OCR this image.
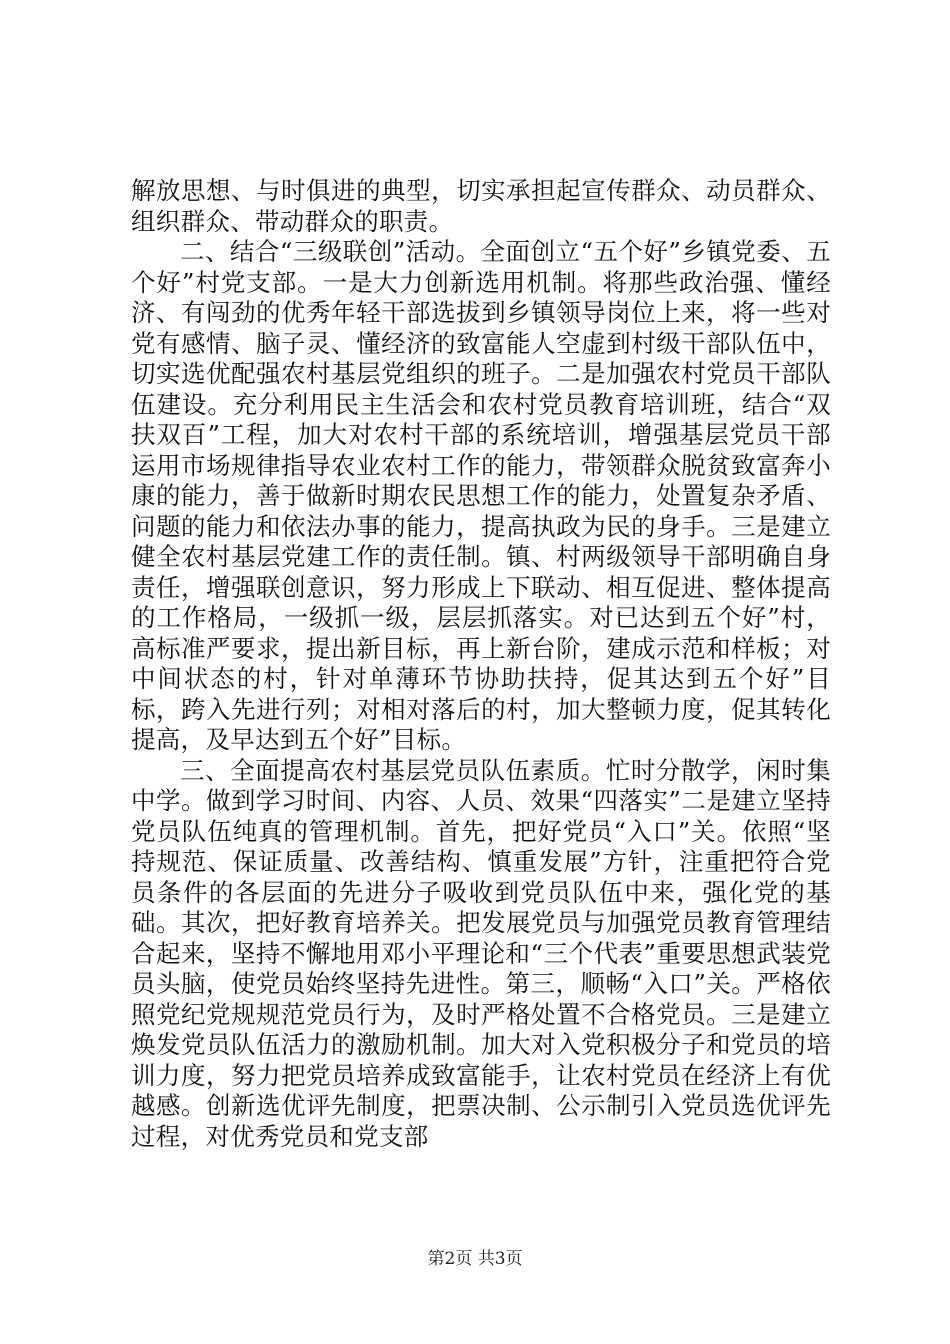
解放思想、与时俱进的典型，切实承担起宣传群众、动员群众、组织群众、带动群众的职责。

二、结合“三级联创”活动。全面创立“五个好”乡镇党委、五个好”村党支部。一是大力创新选用机制。将那些政治强、懂经济、有闯劲的优秀年轻干部选拔到乡镇领导岗位上来，将一些对党有感情、脑子灵、懂经济的致富能人空虚到村级干部队伍中，切实选优配强农村基层党组织的班子。二是加强农村党员干部队伍建设。充分利用民主生活会和农村党员教育培训班，结合“双扶双百”工程，加大对农村干部的系统培训，增强基层党员干部运用市场规律指导农业农村工作的能力，带领群众脱贫致富奔小康的能力，善于做新时期农民思想工作的能力，处置复杂矛盾、问题的能力和依法办事的能力，提高执政为民的身手。三是建立健全农村基层党建工作的责任制。镇、村两级领导干部明确自身责任，增强联创意识，努力形成上下联动、相互促进、整体提高的工作格局，一级抓一级，层层抓落实。对已达到五个好”村，高标准严要求，提出新目标，再上新台阶，建成示范和样板；对中间状态的村，针对单薄环节协助扶持，促其达到五个好”目标，跨入先进行列；对相对落后的村，加大整顿力度，促其转化提高，及早达到五个好”目标。

三、全面提高农村基层党员队伍素质。忙时分散学，闲时集中学。做到学习时间、内容、人员、效果“四落实”二是建立坚持党员队伍纯真的管理机制。首先，把好党员“入口”关。依照“坚持规范、保证质量、改善结构、慎重发展”方针，注重把符合党员条件的各层面的先进分子吸收到党员队伍中来，强化党的基础。其次，把好教育培养关。把发展党员与加强党员教育管理结合起来，坚持不懈地用邓小平理论和“三个代表”重要思想武装党员头脑，使党员始终坚持先进性。第三，顺畅“入口”关。严格依照党纪党规规范党员行为，及时严格处置不合格党员。三是建立焕发党员队伍活力的激励机制。加大对入党积极分子和党员的培训力度，努力把党员培养成致富能手，让农村党员在经济上有优越感。创新选优评先制度，把票决制、公示制引入党员选优评先过程，对优秀党员和党支部

第2页 共3页
